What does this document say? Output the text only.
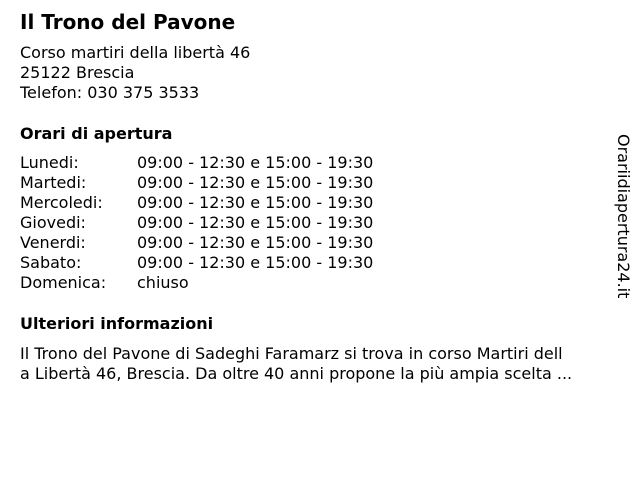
Il Trono del Pavone
Corso martiri della libertà 46
25122 Brescia
Telefon: 030 375 3533
Orari di apertura
Lunedi:	09:00 - 12:30 e 15:00 - 19:30
Martedi:	09:00 - 12:30 e 15:00 - 19:30
Mercoledi: 09:00 - 12:30 e 15:00 - 19:30
Giovedi:	09:00 - 12:30 e 15:00 - 19:30
Venerdi:	09:00 - 12:30 e 15:00 - 19:30
Sabato:	09:00 - 12:30 e 15:00 - 19:30
Domenica: chiuso
Ulteriori informazioni
Il Trono del Pavone di Sadeghi Faramarz si trova in corso Martiri dell
a Libertà 46, Brescia. Da oltre 40 anni propone la più ampia scelta ...
Orariidiapertura24.it
